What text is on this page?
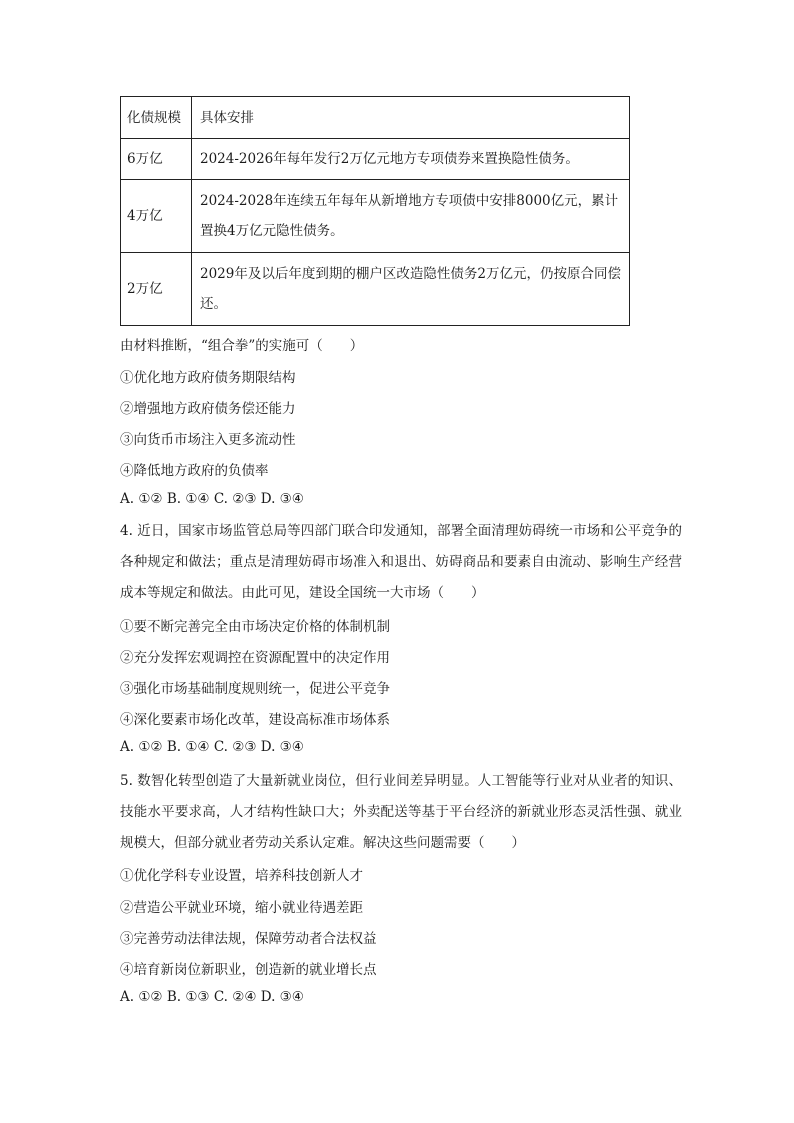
化债规模	具体安排
6万亿	2024-2026年每年发行2万亿元地方专项债券来置换隐性债务。
4万亿	2024-2028年连续五年每年从新增地方专项债中安排8000亿元，累计置换4万亿元隐性债务。
2万亿	2029年及以后年度到期的棚户区改造隐性债务2万亿元，仍按原合同偿还。
由材料推断，“组合拳”的实施可（　　）
①优化地方政府债务期限结构
②增强地方政府债务偿还能力
③向货币市场注入更多流动性
④降低地方政府的负债率
A. ①② B. ①④ C. ②③ D. ③④
4. 近日，国家市场监管总局等四部门联合印发通知，部署全面清理妨碍统一市场和公平竞争的各种规定和做法；重点是清理妨碍市场准入和退出、妨碍商品和要素自由流动、影响生产经营成本等规定和做法。由此可见，建设全国统一大市场（　　）
①要不断完善完全由市场决定价格的体制机制
②充分发挥宏观调控在资源配置中的决定作用
③强化市场基础制度规则统一，促进公平竞争
④深化要素市场化改革，建设高标准市场体系
A. ①② B. ①④ C. ②③ D. ③④
5. 数智化转型创造了大量新就业岗位，但行业间差异明显。人工智能等行业对从业者的知识、技能水平要求高，人才结构性缺口大；外卖配送等基于平台经济的新就业形态灵活性强、就业规模大，但部分就业者劳动关系认定难。解决这些问题需要（　　）
①优化学科专业设置，培养科技创新人才
②营造公平就业环境，缩小就业待遇差距
③完善劳动法律法规，保障劳动者合法权益
④培育新岗位新职业，创造新的就业增长点
A. ①② B. ①③ C. ②④ D. ③④
